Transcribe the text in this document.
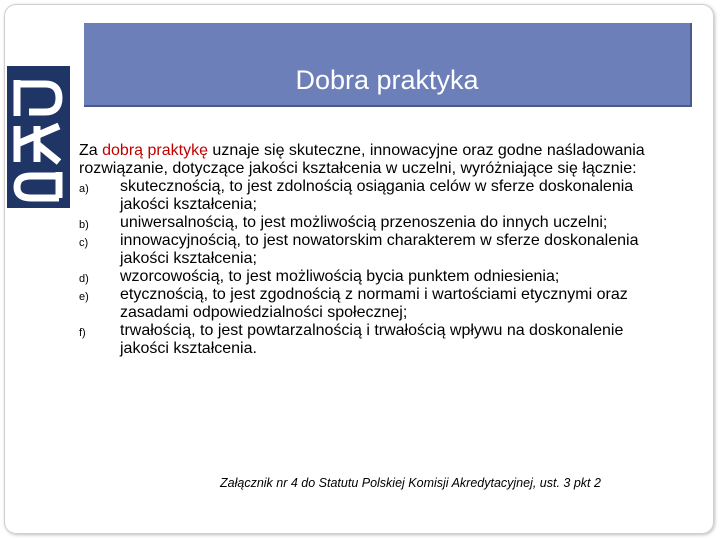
Dobra praktyka

Za dobrą praktykę uznaje się skuteczne, innowacyjne oraz godne naśladowania rozwiązanie, dotyczące jakości kształcenia w uczelni, wyróżniające się łącznie:

a) skutecznością, to jest zdolnością osiągania celów w sferze doskonalenia jakości kształcenia;
b) uniwersalnością, to jest możliwością przenoszenia do innych uczelni;
c) innowacyjnością, to jest nowatorskim charakterem w sferze doskonalenia jakości kształcenia;
d) wzorcowością, to jest możliwością bycia punktem odniesienia;
e) etycznością, to jest zgodnością z normami i wartościami etycznymi oraz zasadami odpowiedzialności społecznej;
f) trwałością, to jest powtarzalnością i trwałością wpływu na doskonalenie jakości kształcenia.
Załącznik nr 4 do Statutu Polskiej Komisji Akredytacyjnej, ust. 3 pkt 2
